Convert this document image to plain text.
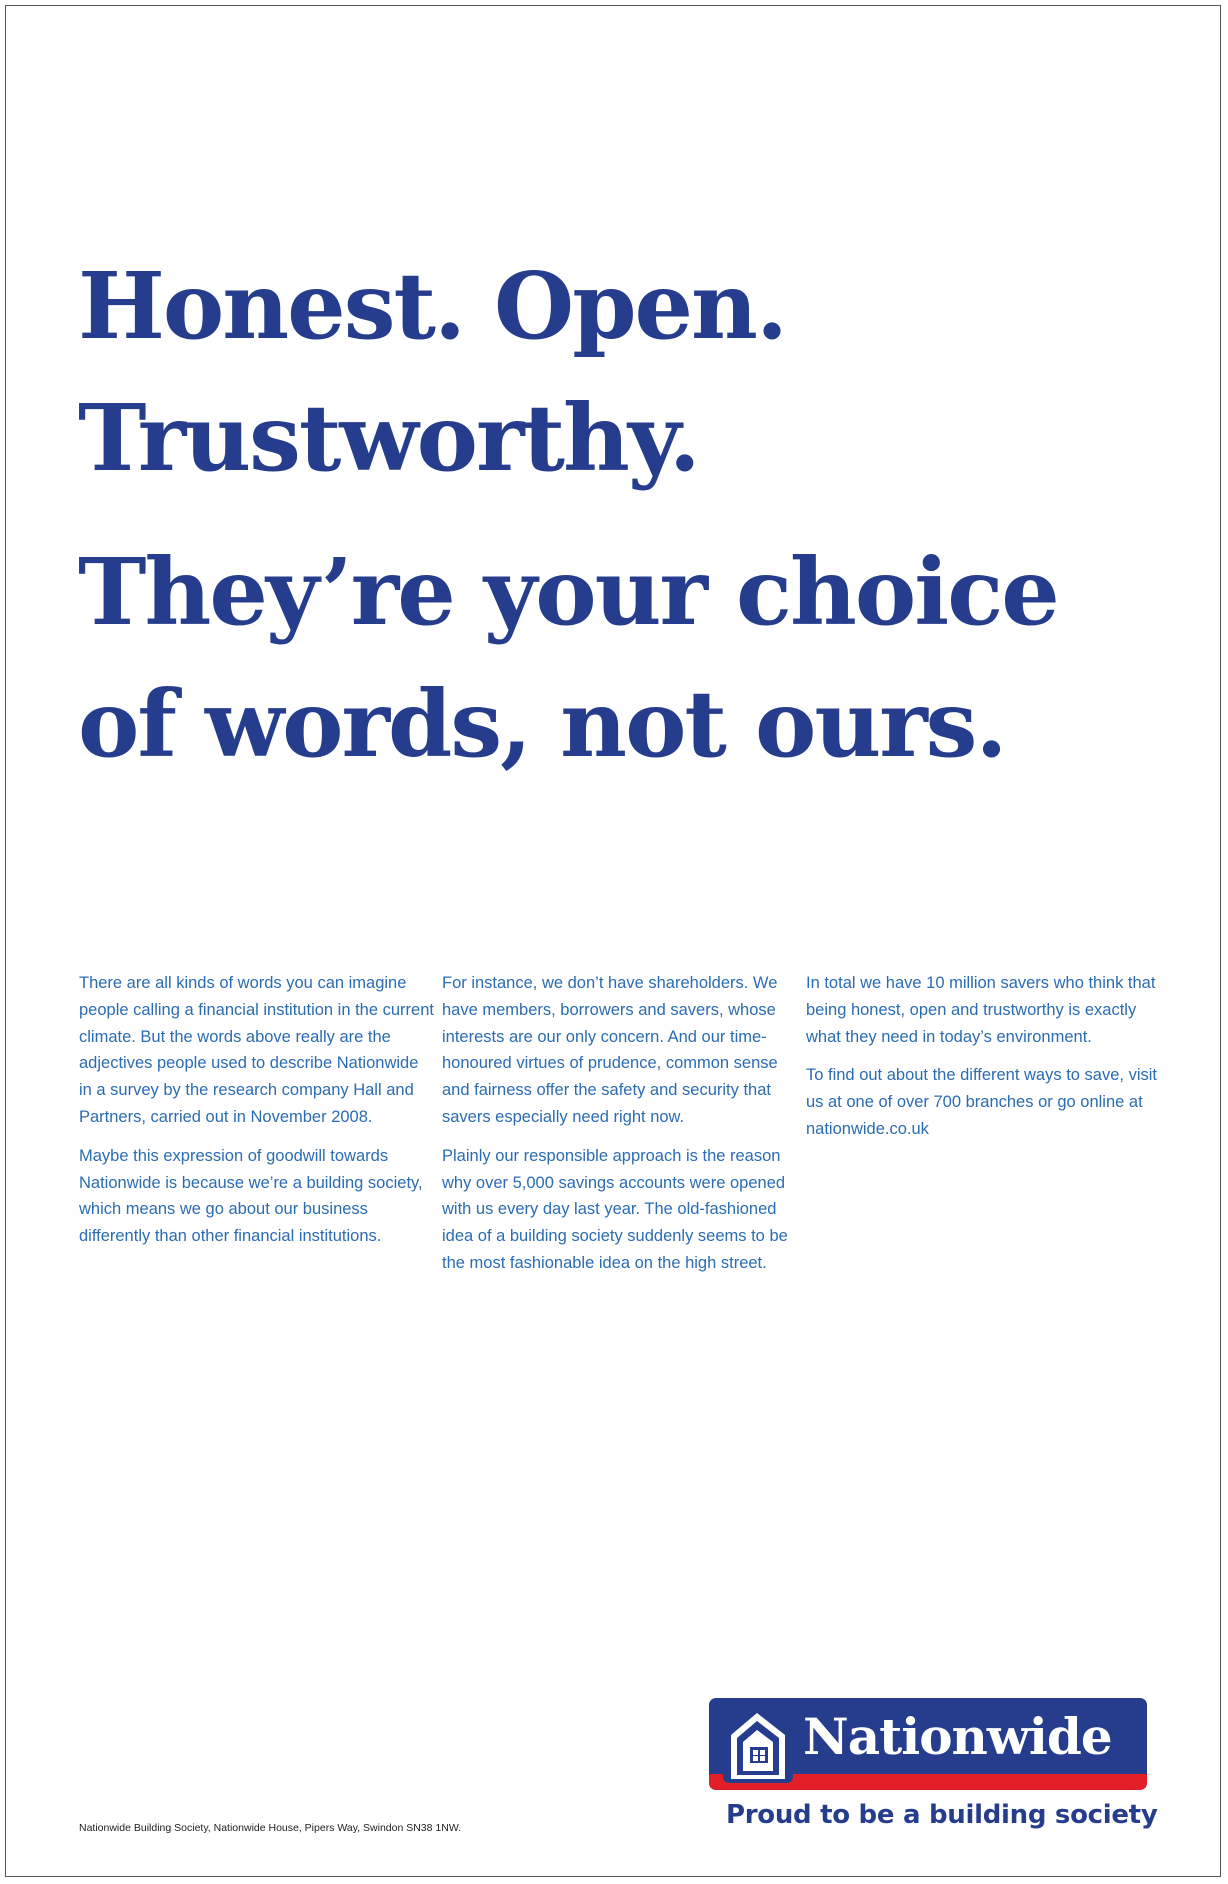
Honest. Open.
Trustworthy.
They’re your choice
of words, not ours.

There are all kinds of words you can imagine people calling a financial institution in the current climate. But the words above really are the adjectives people used to describe Nationwide in a survey by the research company Hall and Partners, carried out in November 2008.

Maybe this expression of goodwill towards Nationwide is because we’re a building society, which means we go about our business differently than other financial institutions.

For instance, we don’t have shareholders. We have members, borrowers and savers, whose interests are our only concern. And our time-honoured virtues of prudence, common sense and fairness offer the safety and security that savers especially need right now.

Plainly our responsible approach is the reason why over 5,000 savings accounts were opened with us every day last year. The old-fashioned idea of a building society suddenly seems to be the most fashionable idea on the high street.

In total we have 10 million savers who think that being honest, open and trustworthy is exactly what they need in today’s environment.

To find out about the different ways to save, visit us at one of over 700 branches or go online at nationwide.co.uk

Nationwide Building Society, Nationwide House, Pipers Way, Swindon SN38 1NW.
Nationwide
Proud to be a building society
